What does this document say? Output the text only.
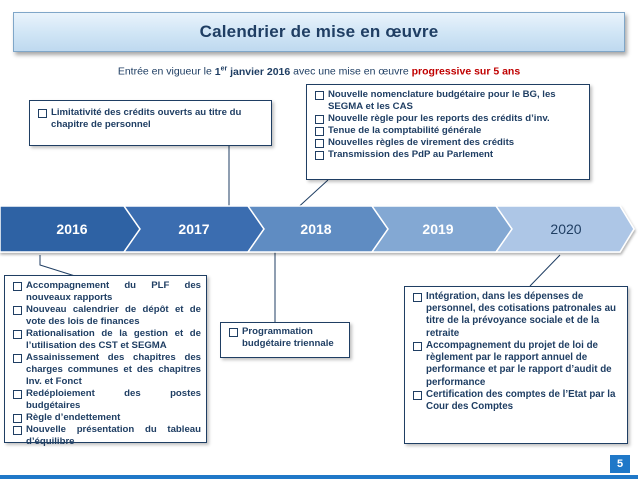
Calendrier de mise en œuvre
Entrée en vigueur le 1er janvier 2016 avec une mise en œuvre progressive sur 5 ans
Limitativité des crédits ouverts au titre du chapitre de personnel
Nouvelle nomenclature budgétaire pour le BG, les SEGMA et les CAS
Nouvelle règle pour les reports des crédits d’inv.
Tenue de la comptabilité générale
Nouvelles règles de virement des crédits
Transmission des PdP au Parlement
2016	2017	2018	2019	2020
Accompagnement du PLF des nouveaux rapports
Nouveau calendrier de dépôt et de vote des lois de finances
Rationalisation de la gestion et de l’utilisation des CST et SEGMA
Assainissement des chapitres des charges communes et des chapitres Inv. et Fonct
Redéploiement des postes budgétaires
Règle d’endettement
Nouvelle présentation du tableau d’équilibre
Programmation budgétaire triennale
Intégration, dans les dépenses de personnel, des cotisations patronales au titre de la prévoyance sociale et de la retraite
Accompagnement du projet de loi de règlement par le rapport annuel de performance et par le rapport d’audit de performance
Certification des comptes de l’Etat par la Cour des Comptes
5
